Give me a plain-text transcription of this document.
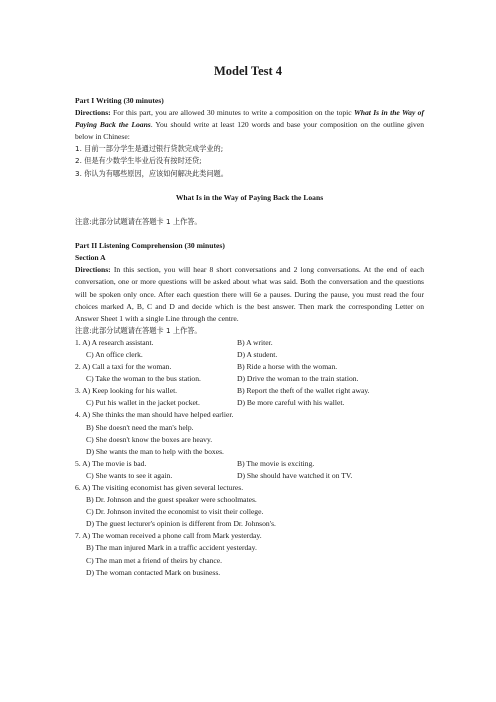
Model Test 4

Part I Writing (30 minutes)

Directions: For this part, you are allowed 30 minutes to write a composition on the topic What Is in the Way of Paying Back the Loans. You should write at least 120 words and base your composition on the outline given below in Chinese:

1. 目前一部分学生是通过银行贷款完成学业的;

2. 但是有少数学生毕业后没有按时还贷;

3. 你认为有哪些原因，应该如何解决此类问题。

What Is in the Way of Paying Back the Loans

注意:此部分试题请在答题卡 1 上作答。

Part II Listening Comprehension (30 minutes)

Section A

Directions: In this section, you will hear 8 short conversations and 2 long conversations. At the end of each conversation, one or more questions will be asked about what was said. Both the conversation and the questions will be spoken only once. After each question there will 6e a pauses. During the pause, you must read the four choices marked A, B, C and D and decide which is the best answer. Then mark the corresponding Letter on Answer Sheet 1 with a single Line through the centre.

注意:此部分试题请在答题卡 1 上作答。

1. A) A research assistant.	B) A writer.
C) An office clerk.	D) A student.
2. A) Call a taxi for the woman.	B) Ride a horse with the woman.
C) Take the woman to the bus station.	D) Drive the woman to the train station.
3. A) Keep looking for his wallet.	B) Report the theft of the wallet right away.
C) Put his wallet in the jacket pocket.	D) Be more careful with his wallet.

4. A) She thinks the man should have helped earlier.

B) She doesn't need the man's help.

C) She doesn't know the boxes are heavy.

D) She wants the man to help with the boxes.

5. A) The movie is bad.	B) The movie is exciting.
C) She wants to see it again.	D) She should have watched it on TV.

6. A) The visiting economist has given several lectures.

B) Dr. Johnson and the guest speaker were schoolmates.

C) Dr. Johnson invited the economist to visit their college.

D) The guest lecturer's opinion is different from Dr. Johnson's.

7. A) The woman received a phone call from Mark yesterday.

B) The man injured Mark in a traffic accident yesterday.

C) The man met a friend of theirs by chance.

D) The woman contacted Mark on business.
